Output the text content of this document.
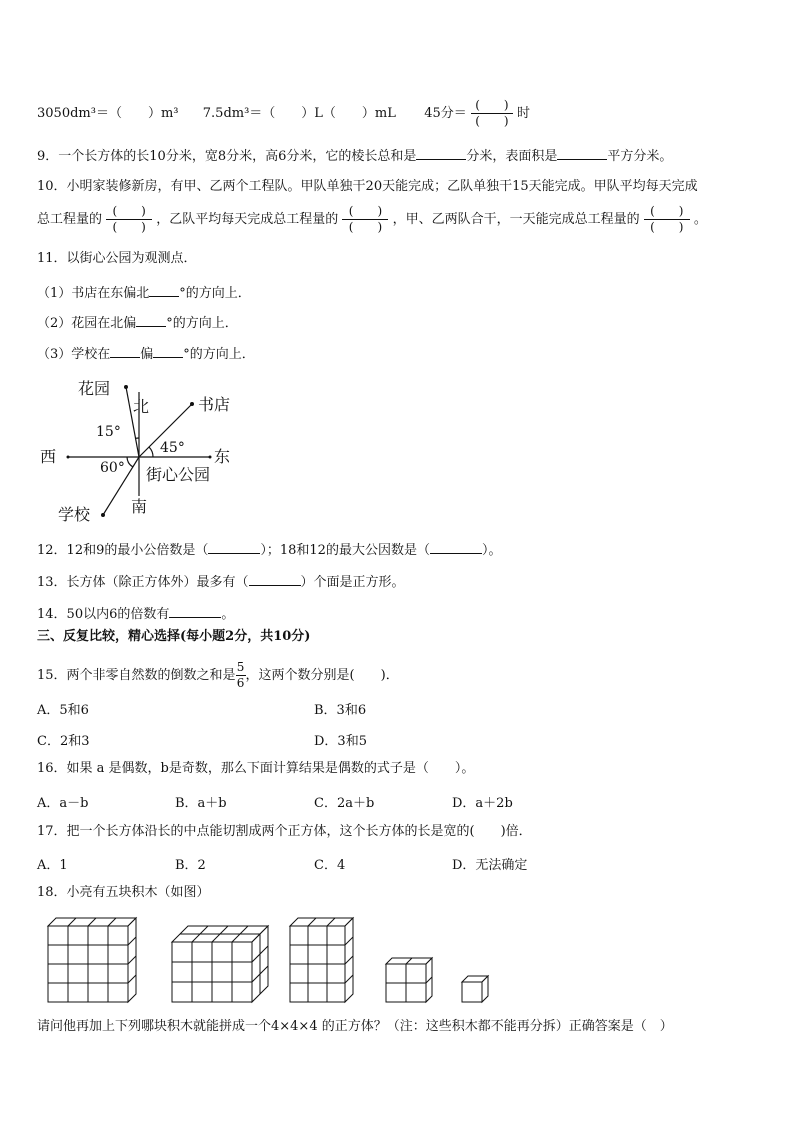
3050dm³＝（　　）m³ 7.5dm³＝（　　）L（　　）mL 45分＝ $\frac{( )}{( )}$ 时
9．一个长方体的长10分米，宽8分米，高6分米，它的棱长总和是	分米，表面积是	平方分米。
10．小明家装修新房，有甲、乙两个工程队。甲队单独干20天能完成；乙队单独干15天能完成。甲队平均每天完成
总工程量的 $\frac{( )}{( )}$ ，乙队平均每天完成总工程量的 $\frac{( )}{( )}$ ，甲、乙两队合干，一天能完成总工程量的 $\frac{( )}{( )}$ 。
11．以街心公园为观测点．
（1）书店在东偏北 °的方向上．
（2）花园在北偏 °的方向上．
（3）学校在 偏 °的方向上．
花园
北	书店
15°
45°
西	东
60° 街心公园
南
学校
12．12和9的最小公倍数是（	）；18和12的最大公因数是（	）。
13．长方体（除正方体外）最多有（	）个面是正方形。
14．50以内6的倍数有	。
三、反复比较，精心选择(每小题2分，共10分)
15．两个非零自然数的倒数之和是 $\frac{5}{6}$ ，这两个数分别是(　　)．
A．5和6	B．3和6
C．2和3	D．3和5
16．如果 a 是偶数，b是奇数，那么下面计算结果是偶数的式子是（　　）。
A．a－b	B．a＋b	C．2a＋b	D．a＋2b
17．把一个长方体沿长的中点能切割成两个正方体，这个长方体的长是宽的(　　)倍．
A．1	B．2	C．4	D．无法确定
18．小亮有五块积木（如图）
请问他再加上下列哪块积木就能拼成一个4×4×4 的正方体？（注：这些积木都不能再分拆）正确答案是（　）
